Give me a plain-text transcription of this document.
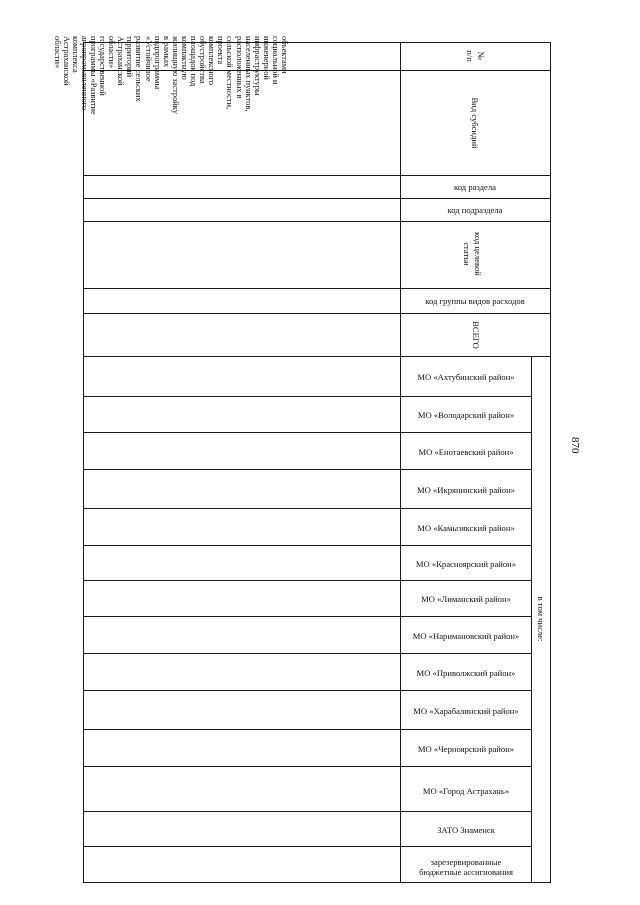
№
п/п
Вид субсидий
объектами
социальной и
инженерной
инфраструктуры
населенных пунктов,
расположенных в
сельской местности,
проекта
комплексного
обустройства
площадок под
компактную
жилищную застройку
в рамках
подпрограммы
«Устойчивое
развитие сельских
территорий
Астраханской
области»
государственной
программы «Развитие
агропромышленного
комплекса
Астраханской
области»
код раздела
код подраздела
код целевой
статьи
код группы видов расходов
ВСЕГО
в том числе:
МО «Ахтубинский район»
МО «Володарский район»
МО «Енотаевский район»
МО «Икрянинский район»
МО «Камызякский район»
МО «Красноярский район»
МО «Лиманский район»
МО «Наримановский район»
МО «Приволжский район»
МО «Харабалинский район»
МО «Черноярский район»
МО «Город Астрахань»
ЗАТО Знаменск
зарезервированные
бюджетные ассигнования
870
